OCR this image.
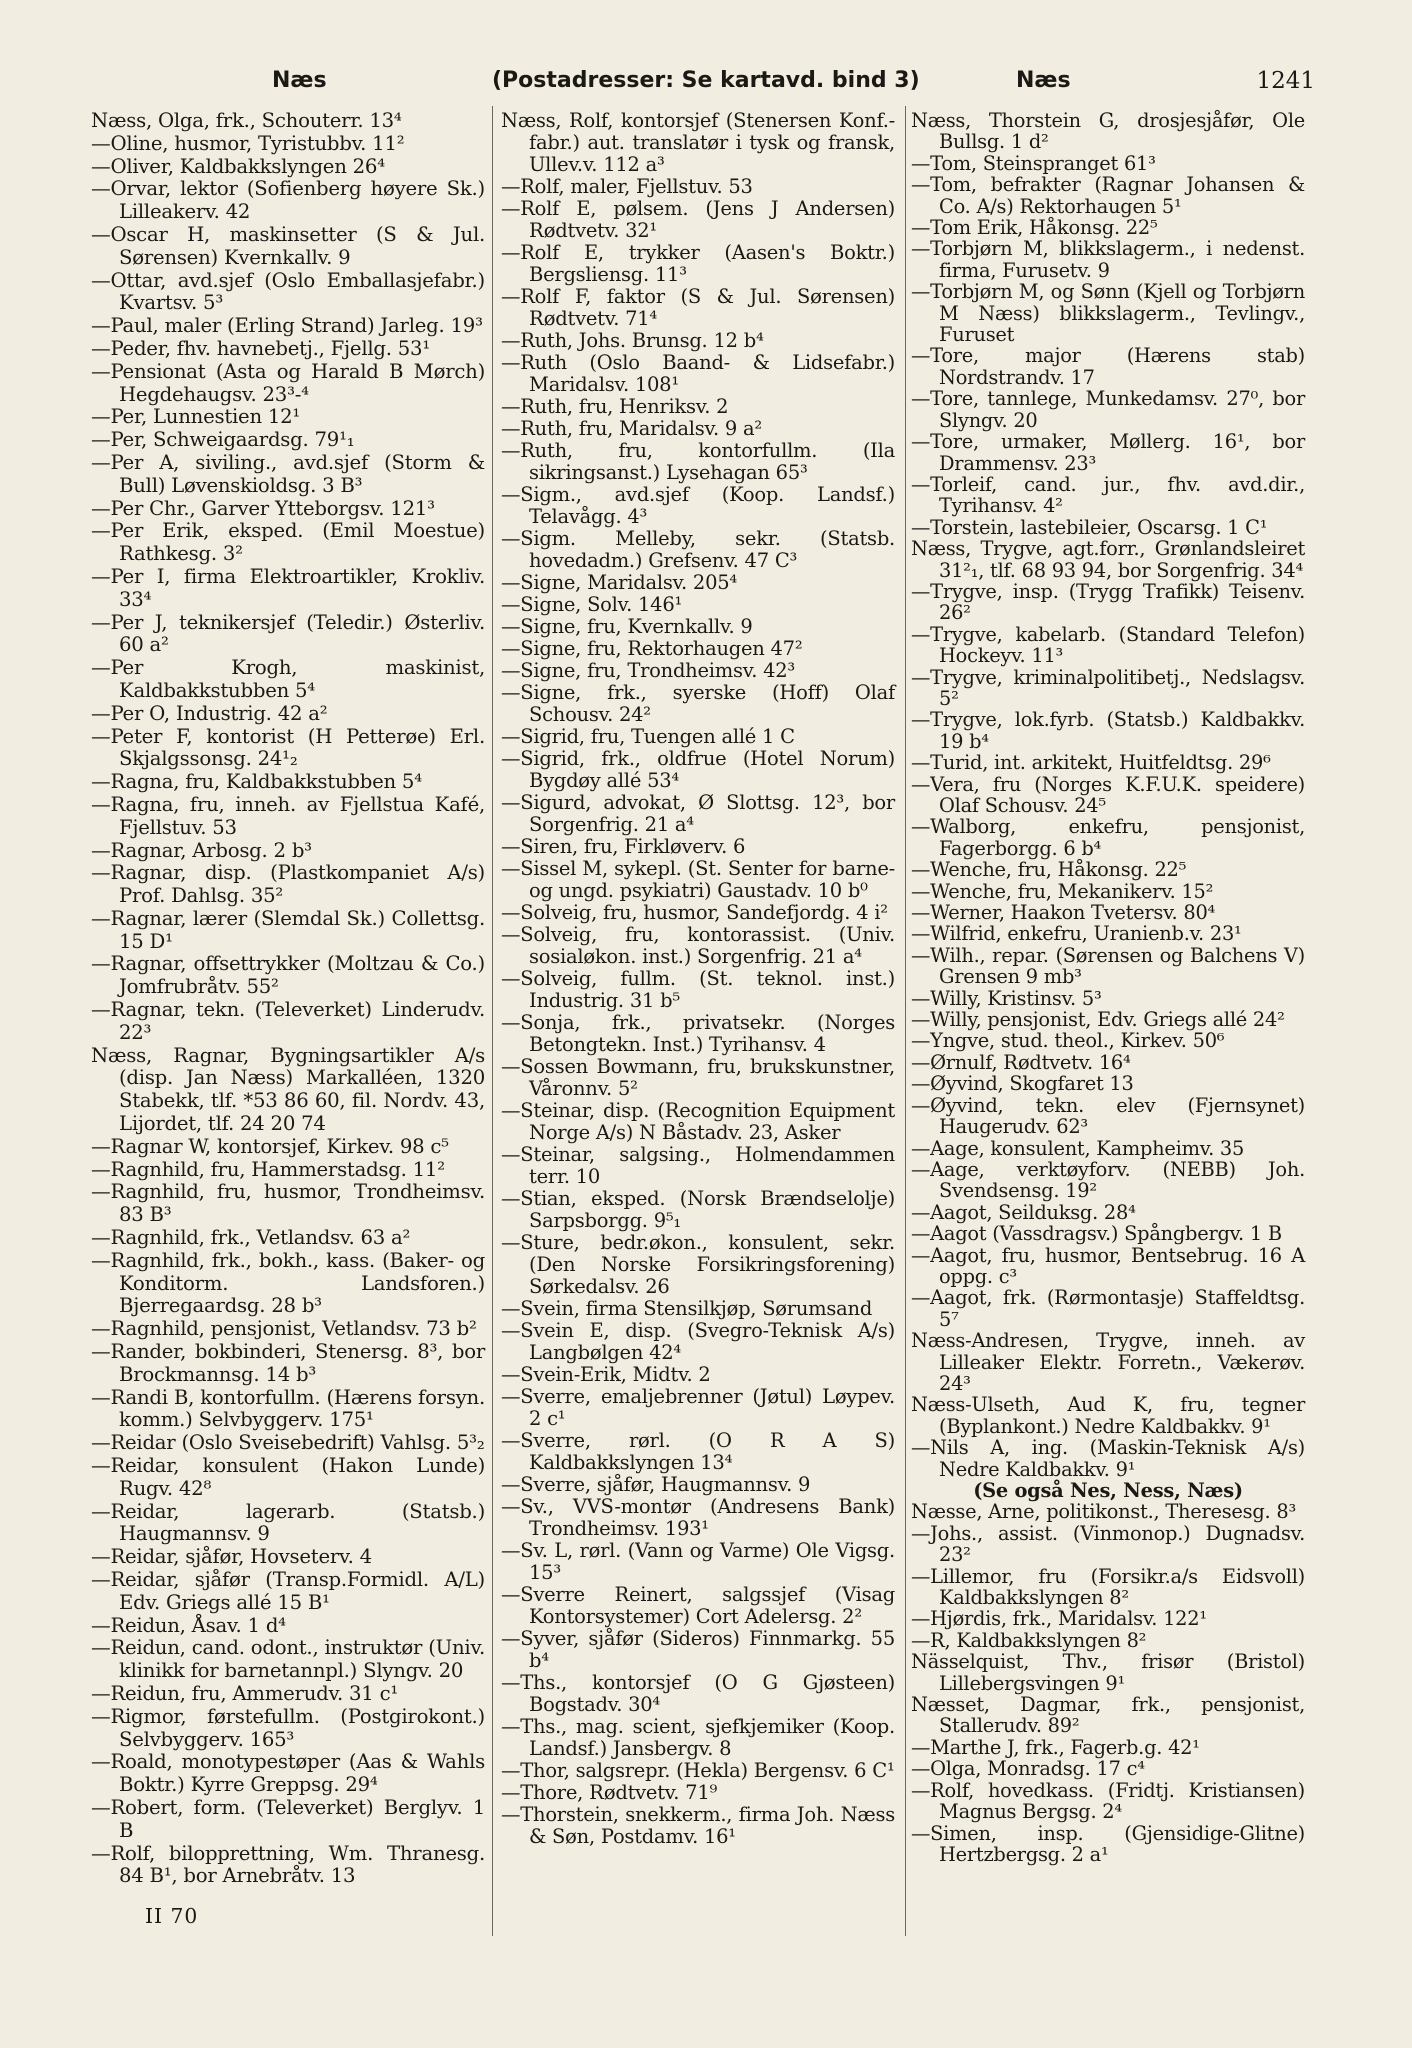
Næs	(Postadresser: Se kartavd. bind 3)	Næs	1241
Næss, Olga, frk., Schouterr. 13⁴
—Oline, husmor, Tyristubbv. 11²
—Oliver, Kaldbakkslyngen 26⁴
—Orvar, lektor (Sofienberg høyere Sk.) Lilleakerv. 42
—Oscar H, maskinsetter (S & Jul. Sørensen) Kvernkallv. 9
—Ottar, avd.sjef (Oslo Emballasjefabr.) Kvartsv. 5³
—Paul, maler (Erling Strand) Jarleg. 19³
—Peder, fhv. havnebetj., Fjellg. 53¹
—Pensionat (Asta og Harald B Mørch) Hegdehaugsv. 23³-⁴
—Per, Lunnestien 12¹
—Per, Schweigaardsg. 79¹₁
—Per A, siviling., avd.sjef (Storm & Bull) Løvenskioldsg. 3 B³
—Per Chr., Garver Ytteborgsv. 121³
—Per Erik, eksped. (Emil Moestue) Rathkesg. 3²
—Per I, firma Elektroartikler, Krokliv. 33⁴
—Per J, teknikersjef (Teledir.) Østerliv. 60 a²
—Per Krogh, maskinist, Kaldbakkstubben 5⁴
—Per O, Industrig. 42 a²
—Peter F, kontorist (H Petterøe) Erl. Skjalgssonsg. 24¹₂
—Ragna, fru, Kaldbakkstubben 5⁴
—Ragna, fru, inneh. av Fjellstua Kafé, Fjellstuv. 53
—Ragnar, Arbosg. 2 b³
—Ragnar, disp. (Plastkompaniet A/s) Prof. Dahlsg. 35²
—Ragnar, lærer (Slemdal Sk.) Collettsg. 15 D¹
—Ragnar, offsettrykker (Moltzau & Co.) Jomfrubråtv. 55²
—Ragnar, tekn. (Televerket) Linderudv. 22³
Næss, Ragnar, Bygningsartikler A/s (disp. Jan Næss) Markalléen, 1320 Stabekk, tlf. *53 86 60, fil. Nordv. 43, Lijordet, tlf. 24 20 74
—Ragnar W, kontorsjef, Kirkev. 98 c⁵
—Ragnhild, fru, Hammerstadsg. 11²
—Ragnhild, fru, husmor, Trondheimsv. 83 B³
—Ragnhild, frk., Vetlandsv. 63 a²
—Ragnhild, frk., bokh., kass. (Baker- og Konditorm. Landsforen.) Bjerregaardsg. 28 b³
—Ragnhild, pensjonist, Vetlandsv. 73 b²
—Rander, bokbinderi, Stenersg. 8³, bor Brockmannsg. 14 b³
—Randi B, kontorfullm. (Hærens forsyn. komm.) Selvbyggerv. 175¹
—Reidar (Oslo Sveisebedrift) Vahlsg. 5³₂
—Reidar, konsulent (Hakon Lunde) Rugv. 42⁸
—Reidar, lagerarb. (Statsb.) Haugmannsv. 9
—Reidar, sjåfør, Hovseterv. 4
—Reidar, sjåfør (Transp.Formidl. A/L) Edv. Griegs allé 15 B¹
—Reidun, Åsav. 1 d⁴
—Reidun, cand. odont., instruktør (Univ. klinikk for barnetannpl.) Slyngv. 20
—Reidun, fru, Ammerudv. 31 c¹
—Rigmor, førstefullm. (Postgirokont.) Selvbyggerv. 165³
—Roald, monotypestøper (Aas & Wahls Boktr.) Kyrre Greppsg. 29⁴
—Robert, form. (Televerket) Berglyv. 1 B
—Rolf, bilopprettning, Wm. Thranesg. 84 B¹, bor Arnebråtv. 13
Næss, Rolf, kontorsjef (Stenersen Konf.-fabr.) aut. translatør i tysk og fransk, Ullev.v. 112 a³
—Rolf, maler, Fjellstuv. 53
—Rolf E, pølsem. (Jens J Andersen) Rødtvetv. 32¹
—Rolf E, trykker (Aasen's Boktr.) Bergsliensg. 11³
—Rolf F, faktor (S & Jul. Sørensen) Rødtvetv. 71⁴
—Ruth, Johs. Brunsg. 12 b⁴
—Ruth (Oslo Baand- & Lidsefabr.) Maridalsv. 108¹
—Ruth, fru, Henriksv. 2
—Ruth, fru, Maridalsv. 9 a²
—Ruth, fru, kontorfullm. (Ila sikringsanst.) Lysehagan 65³
—Sigm., avd.sjef (Koop. Landsf.) Telavågg. 4³
—Sigm. Melleby, sekr. (Statsb. hovedadm.) Grefsenv. 47 C³
—Signe, Maridalsv. 205⁴
—Signe, Solv. 146¹
—Signe, fru, Kvernkallv. 9
—Signe, fru, Rektorhaugen 47²
—Signe, fru, Trondheimsv. 42³
—Signe, frk., syerske (Hoff) Olaf Schousv. 24²
—Sigrid, fru, Tuengen allé 1 C
—Sigrid, frk., oldfrue (Hotel Norum) Bygdøy allé 53⁴
—Sigurd, advokat, Ø Slottsg. 12³, bor Sorgenfrig. 21 a⁴
—Siren, fru, Firkløverv. 6
—Sissel M, sykepl. (St. Senter for barne- og ungd. psykiatri) Gaustadv. 10 b⁰
—Solveig, fru, husmor, Sandefjordg. 4 i²
—Solveig, fru, kontorassist. (Univ. sosialøkon. inst.) Sorgenfrig. 21 a⁴
—Solveig, fullm. (St. teknol. inst.) Industrig. 31 b⁵
—Sonja, frk., privatsekr. (Norges Betongtekn. Inst.) Tyrihansv. 4
—Sossen Bowmann, fru, brukskunstner, Våronnv. 5²
—Steinar, disp. (Recognition Equipment Norge A/s) N Båstadv. 23, Asker
—Steinar, salgsing., Holmendammen terr. 10
—Stian, eksped. (Norsk Brændselolje) Sarpsborgg. 9⁵₁
—Sture, bedr.økon., konsulent, sekr. (Den Norske Forsikringsforening) Sørkedalsv. 26
—Svein, firma Stensilkjøp, Sørumsand
—Svein E, disp. (Svegro-Teknisk A/s) Langbølgen 42⁴
—Svein-Erik, Midtv. 2
—Sverre, emaljebrenner (Jøtul) Løypev. 2 c¹
—Sverre, rørl. (O R A S) Kaldbakkslyngen 13⁴
—Sverre, sjåfør, Haugmannsv. 9
—Sv., VVS-montør (Andresens Bank) Trondheimsv. 193¹
—Sv. L, rørl. (Vann og Varme) Ole Vigsg. 15³
—Sverre Reinert, salgssjef (Visag Kontorsystemer) Cort Adelersg. 2²
—Syver, sjåfør (Sideros) Finnmarkg. 55 b⁴
—Ths., kontorsjef (O G Gjøsteen) Bogstadv. 30⁴
—Ths., mag. scient, sjefkjemiker (Koop. Landsf.) Jansbergv. 8
—Thor, salgsrepr. (Hekla) Bergensv. 6 C¹
—Thore, Rødtvetv. 71⁹
—Thorstein, snekkerm., firma Joh. Næss & Søn, Postdamv. 16¹
Næss, Thorstein G, drosjesjåfør, Ole Bullsg. 1 d²
—Tom, Steinspranget 61³
—Tom, befrakter (Ragnar Johansen & Co. A/s) Rektorhaugen 5¹
—Tom Erik, Håkonsg. 22⁵
—Torbjørn M, blikkslagerm., i nedenst. firma, Furusetv. 9
—Torbjørn M, og Sønn (Kjell og Torbjørn M Næss) blikkslagerm., Tevlingv., Furuset
—Tore, major (Hærens stab) Nordstrandv. 17
—Tore, tannlege, Munkedamsv. 27⁰, bor Slyngv. 20
—Tore, urmaker, Møllerg. 16¹, bor Drammensv. 23³
—Torleif, cand. jur., fhv. avd.dir., Tyrihansv. 4²
—Torstein, lastebileier, Oscarsg. 1 C¹
Næss, Trygve, agt.forr., Grønlandsleiret 31²₁, tlf. 68 93 94, bor Sorgenfrig. 34⁴
—Trygve, insp. (Trygg Trafikk) Teisenv. 26²
—Trygve, kabelarb. (Standard Telefon) Hockeyv. 11³
—Trygve, kriminalpolitibetj., Nedslagsv. 5²
—Trygve, lok.fyrb. (Statsb.) Kaldbakkv. 19 b⁴
—Turid, int. arkitekt, Huitfeldtsg. 29⁶
—Vera, fru (Norges K.F.U.K. speidere) Olaf Schousv. 24⁵
—Walborg, enkefru, pensjonist, Fagerborgg. 6 b⁴
—Wenche, fru, Håkonsg. 22⁵
—Wenche, fru, Mekanikerv. 15²
—Werner, Haakon Tvetersv. 80⁴
—Wilfrid, enkefru, Uranienb.v. 23¹
—Wilh., repar. (Sørensen og Balchens V) Grensen 9 mb³
—Willy, Kristinsv. 5³
—Willy, pensjonist, Edv. Griegs allé 24²
—Yngve, stud. theol., Kirkev. 50⁶
—Ørnulf, Rødtvetv. 16⁴
—Øyvind, Skogfaret 13
—Øyvind, tekn. elev (Fjernsynet) Haugerudv. 62³
—Aage, konsulent, Kampheimv. 35
—Aage, verktøyforv. (NEBB) Joh. Svendsensg. 19²
—Aagot, Seilduksg. 28⁴
—Aagot (Vassdragsv.) Spångbergv. 1 B
—Aagot, fru, husmor, Bentsebrug. 16 A oppg. c³
—Aagot, frk. (Rørmontasje) Staffeldtsg. 5⁷
Næss-Andresen, Trygve, inneh. av Lilleaker Elektr. Forretn., Vækerøv. 24³
Næss-Ulseth, Aud K, fru, tegner (Byplankont.) Nedre Kaldbakkv. 9¹
—Nils A, ing. (Maskin-Teknisk A/s) Nedre Kaldbakkv. 9¹
(Se også Nes, Ness, Næs)
Næsse, Arne, politikonst., Theresesg. 8³
—Johs., assist. (Vinmonop.) Dugnadsv. 23²
—Lillemor, fru (Forsikr.a/s Eidsvoll) Kaldbakkslyngen 8²
—Hjørdis, frk., Maridalsv. 122¹
—R, Kaldbakkslyngen 8²
Nässelquist, Thv., frisør (Bristol) Lillebergsvingen 9¹
Næsset, Dagmar, frk., pensjonist, Stallerudv. 89²
—Marthe J, frk., Fagerb.g. 42¹
—Olga, Monradsg. 17 c⁴
—Rolf, hovedkass. (Fridtj. Kristiansen) Magnus Bergsg. 2⁴
—Simen, insp. (Gjensidige-Glitne) Hertzbergsg. 2 a¹
II 70
